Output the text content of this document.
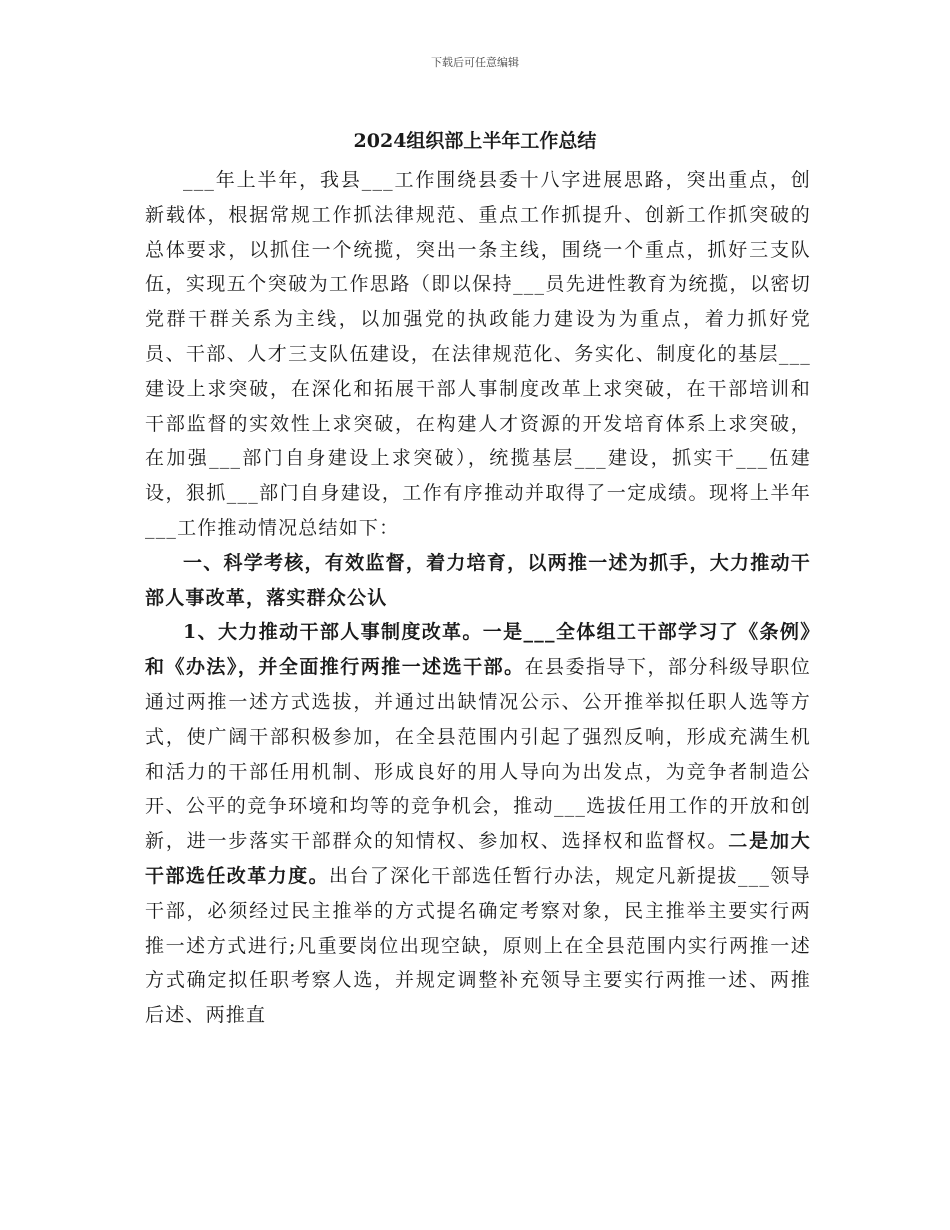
下载后可任意编辑
2024组织部上半年工作总结

___年上半年，我县___工作围绕县委十八字进展思路，突出重点，创新载体，根据常规工作抓法律规范、重点工作抓提升、创新工作抓突破的总体要求，以抓住一个统揽，突出一条主线，围绕一个重点，抓好三支队伍，实现五个突破为工作思路（即以保持___员先进性教育为统揽，以密切党群干群关系为主线，以加强党的执政能力建设为为重点，着力抓好党员、干部、人才三支队伍建设，在法律规范化、务实化、制度化的基层___建设上求突破，在深化和拓展干部人事制度改革上求突破，在干部培训和干部监督的实效性上求突破，在构建人才资源的开发培育体系上求突破，在加强___部门自身建设上求突破），统揽基层___建设，抓实干___伍建设，狠抓___部门自身建设，工作有序推动并取得了一定成绩。现将上半年___工作推动情况总结如下：

一、科学考核，有效监督，着力培育，以两推一述为抓手，大力推动干部人事改革，落实群众公认

1、大力推动干部人事制度改革。一是___全体组工干部学习了《条例》和《办法》，并全面推行两推一述选干部。在县委指导下，部分科级导职位通过两推一述方式选拔，并通过出缺情况公示、公开推举拟任职人选等方式，使广阔干部积极参加，在全县范围内引起了强烈反响，形成充满生机和活力的干部任用机制、形成良好的用人导向为出发点，为竞争者制造公开、公平的竞争环境和均等的竞争机会，推动___选拔任用工作的开放和创新，进一步落实干部群众的知情权、参加权、选择权和监督权。二是加大干部选任改革力度。出台了深化干部选任暂行办法，规定凡新提拔___领导干部，必须经过民主推举的方式提名确定考察对象，民主推举主要实行两推一述方式进行;凡重要岗位出现空缺，原则上在全县范围内实行两推一述方式确定拟任职考察人选，并规定调整补充领导主要实行两推一述、两推后述、两推直
